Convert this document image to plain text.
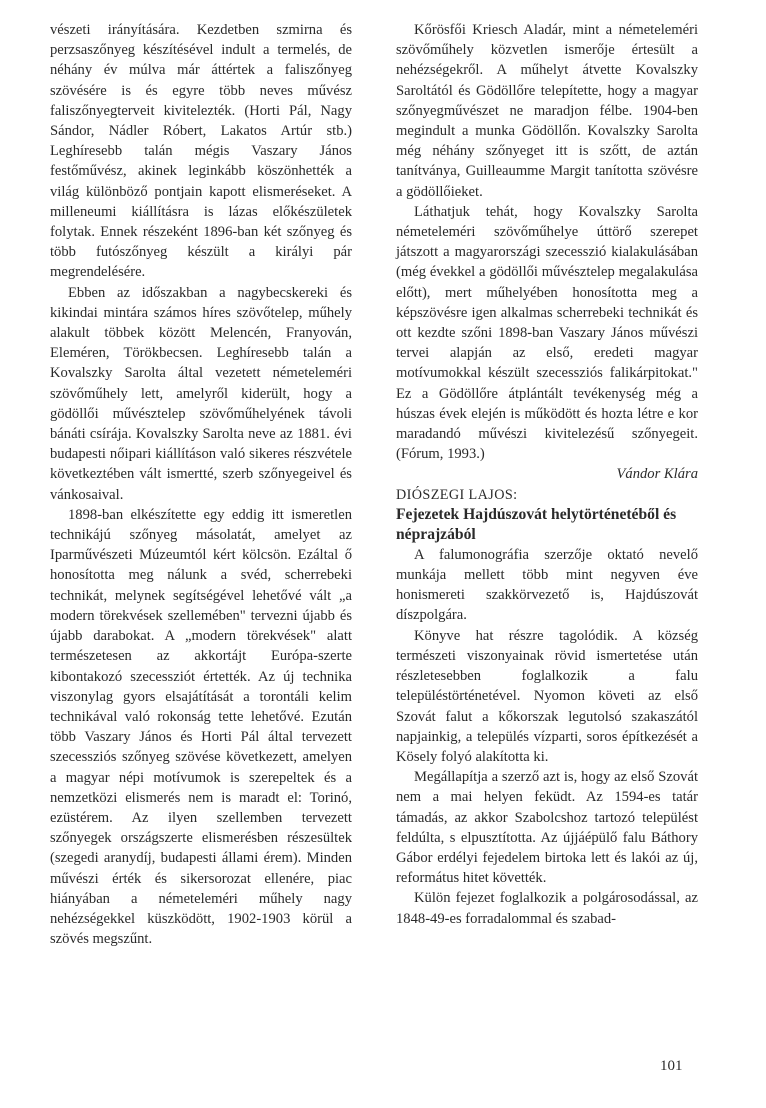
vészeti irányítására. Kezdetben szmirna és perzsaszőnyeg készítésével indult a termelés, de néhány év múlva már áttértek a faliszőnyeg szövésére is és egyre több neves művész faliszőnyegterveit kivitelezték. (Horti Pál, Nagy Sándor, Nádler Róbert, Lakatos Artúr stb.) Leghíresebb talán mégis Vaszary János festőművész, akinek leginkább köszönhették a világ különböző pontjain kapott elismeréseket. A milleneumi kiállításra is lázas előkészületek folytak. Ennek részeként 1896-ban két szőnyeg és több futószőnyeg készült a királyi pár megrendelésére.

Ebben az időszakban a nagybecskereki és kikindai mintára számos híres szövőtelep, műhely alakult többek között Melencén, Franyován, Eleméren, Törökbecsen. Leghíresebb talán a Kovalszky Sarolta által vezetett németeleméri szövőműhely lett, amelyről kiderült, hogy a gödöllői művésztelep szövőműhelyének távoli bánáti csírája. Kovalszky Sarolta neve az 1881. évi budapesti nőipari kiállításon való sikeres részvétele következtében vált ismertté, szerb szőnyegeivel és vánkosaival.

1898-ban elkészítette egy eddig itt ismeretlen technikájú szőnyeg másolatát, amelyet az Iparművészeti Múzeumtól kért kölcsön. Ezáltal ő honosította meg nálunk a svéd, scherrebeki technikát, melynek segítségével lehetővé vált „a modern törekvések szellemében" tervezni újabb és újabb darabokat. A „modern törekvések" alatt természetesen az akkortájt Európa-szerte kibontakozó szecessziót értették. Az új technika viszonylag gyors elsajátítását a torontáli kelim technikával való rokonság tette lehetővé. Ezután több Vaszary János és Horti Pál által tervezett szecessziós szőnyeg szövése következett, amelyen a magyar népi motívumok is szerepeltek és a nemzetközi elismerés nem is maradt el: Torinó, ezüstérem. Az ilyen szellemben tervezett szőnyegek országszerte elismerésben részesültek (szegedi aranydíj, budapesti állami érem). Minden művészi érték és sikersorozat ellenére, piac hiányában a németeleméri műhely nagy nehézségekkel küszködött, 1902-1903 körül a szövés megszűnt.

Kőrösfői Kriesch Aladár, mint a németeleméri szövőműhely közvetlen ismerője értesült a nehézségekről. A műhelyt átvette Kovalszky Saroltától és Gödöllőre telepítette, hogy a magyar szőnyegművészet ne maradjon félbe. 1904-ben megindult a munka Gödöllőn. Kovalszky Sarolta még néhány szőnyeget itt is szőtt, de aztán tanítványa, Guilleaumme Margit tanította szövésre a gödöllőieket.

Láthatjuk tehát, hogy Kovalszky Sarolta németeleméri szövőműhelye úttörő szerepet játszott a magyarországi szecesszió kialakulásában (még évekkel a gödöllői művésztelep megalakulása előtt), mert műhelyében honosította meg a képszövésre igen alkalmas scherrebeki technikát és ott kezdte szőni 1898-ban Vaszary János művészi tervei alapján az első, eredeti magyar motívumokkal készült szecessziós falikárpitokat." Ez a Gödöllőre átplántált tevékenység még a húszas évek elején is működött és hozta létre e kor maradandó művészi kivitelezésű szőnyegeit. (Fórum, 1993.)

Vándor Klára

DIÓSZEGI LAJOS:

Fejezetek Hajdúszovát helytörténetéből és néprajzából

A falumonográfia szerzője oktató nevelő munkája mellett több mint negyven éve honismereti szakkörvezető is, Hajdúszovát díszpolgára.

Könyve hat részre tagolódik. A község természeti viszonyainak rövid ismertetése után részletesebben foglalkozik a falu településtörténetével. Nyomon követi az első Szovát falut a kőkorszak legutolsó szakaszától napjainkig, a település vízparti, soros építkezését a Kösely folyó alakította ki.

Megállapítja a szerző azt is, hogy az első Szovát nem a mai helyen feküdt. Az 1594-es tatár támadás, az akkor Szabolcshoz tartozó települést feldúlta, s elpusztította. Az újjáépülő falu Báthory Gábor erdélyi fejedelem birtoka lett és lakói az új, református hitet követték.

Külön fejezet foglalkozik a polgárosodással, az 1848-49-es forradalommal és szabad-

101
